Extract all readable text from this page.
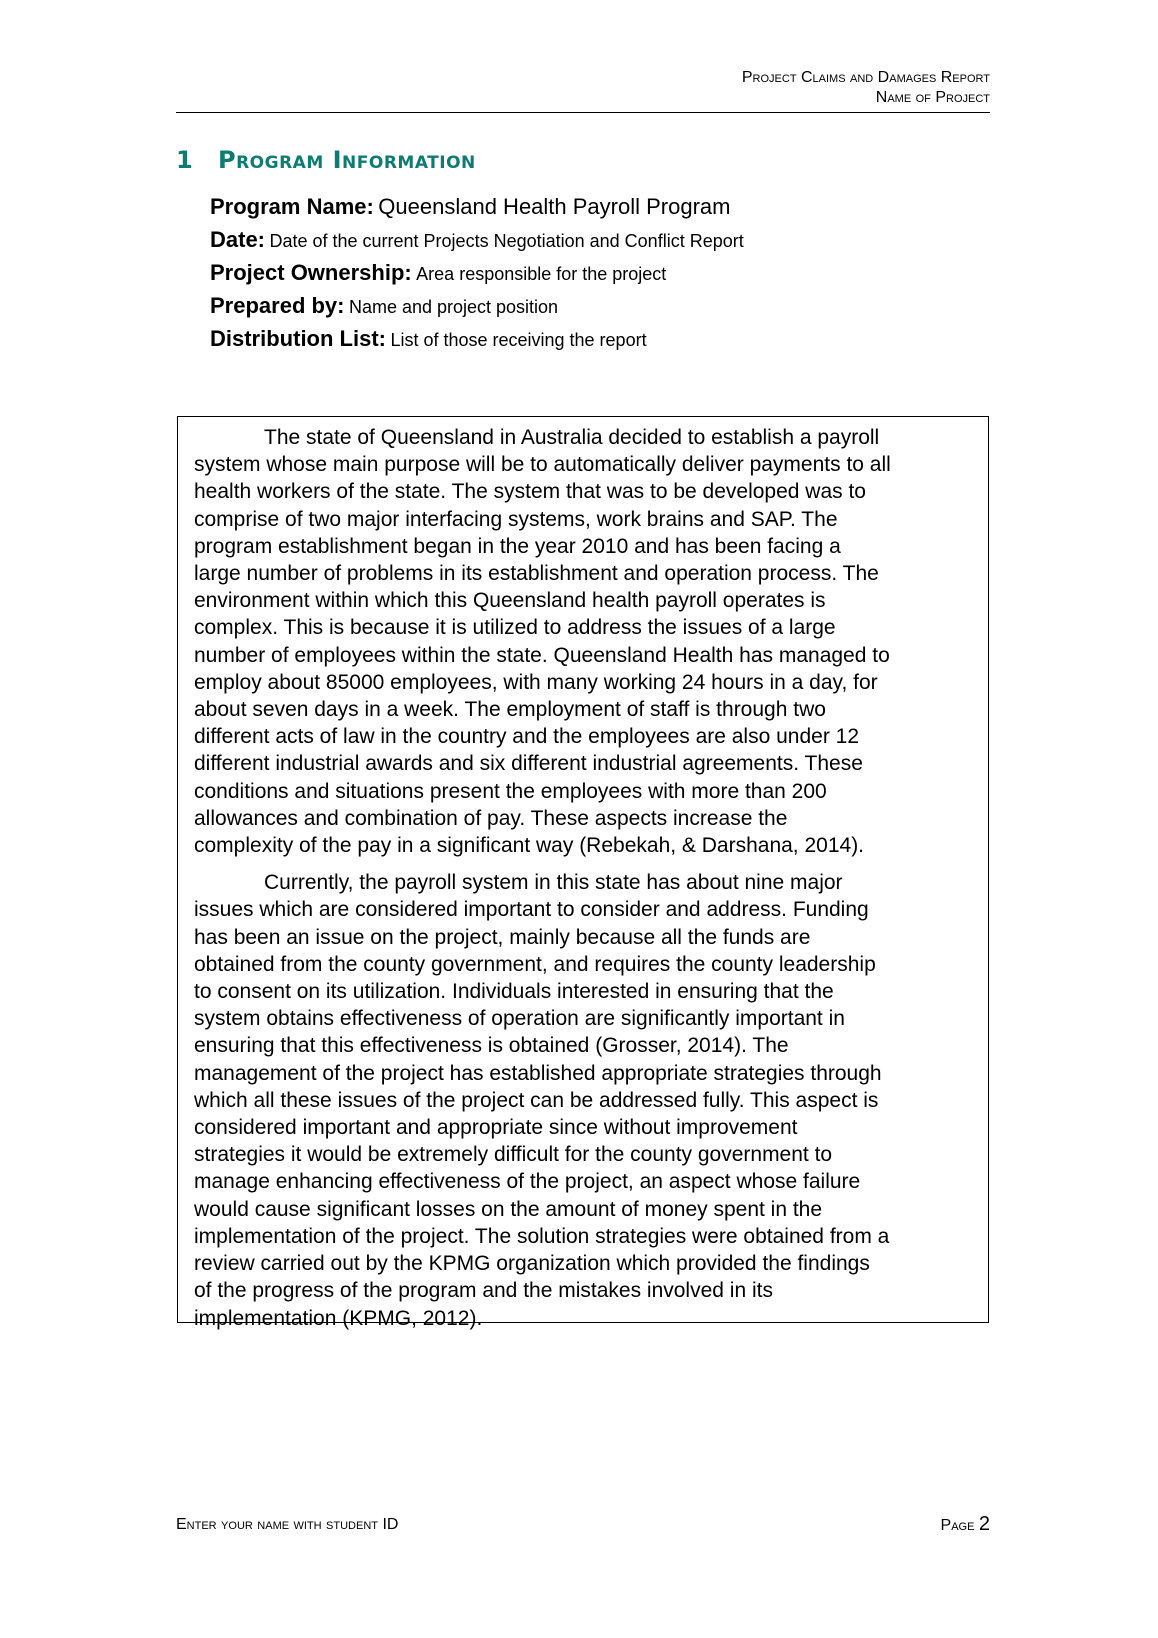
Project Claims and Damages Report
Name of Project
1 Program Information
Program Name: Queensland Health Payroll Program
Date: Date of the current Projects Negotiation and Conflict Report
Project Ownership: Area responsible for the project
Prepared by: Name and project position
Distribution List: List of those receiving the report

The state of Queensland in Australia decided to establish a payroll
system whose main purpose will be to automatically deliver payments to all
health workers of the state. The system that was to be developed was to
comprise of two major interfacing systems, work brains and SAP. The
program establishment began in the year 2010 and has been facing a
large number of problems in its establishment and operation process. The
environment within which this Queensland health payroll operates is
complex. This is because it is utilized to address the issues of a large
number of employees within the state. Queensland Health has managed to
employ about 85000 employees, with many working 24 hours in a day, for
about seven days in a week. The employment of staff is through two
different acts of law in the country and the employees are also under 12
different industrial awards and six different industrial agreements. These
conditions and situations present the employees with more than 200
allowances and combination of pay. These aspects increase the
complexity of the pay in a significant way (Rebekah, & Darshana, 2014).

Currently, the payroll system in this state has about nine major
issues which are considered important to consider and address. Funding
has been an issue on the project, mainly because all the funds are
obtained from the county government, and requires the county leadership
to consent on its utilization. Individuals interested in ensuring that the
system obtains effectiveness of operation are significantly important in
ensuring that this effectiveness is obtained (Grosser, 2014). The
management of the project has established appropriate strategies through
which all these issues of the project can be addressed fully. This aspect is
considered important and appropriate since without improvement
strategies it would be extremely difficult for the county government to
manage enhancing effectiveness of the project, an aspect whose failure
would cause significant losses on the amount of money spent in the
implementation of the project. The solution strategies were obtained from a
review carried out by the KPMG organization which provided the findings
of the progress of the program and the mistakes involved in its
implementation (KPMG, 2012).

Enter your name with student ID	Page 2
